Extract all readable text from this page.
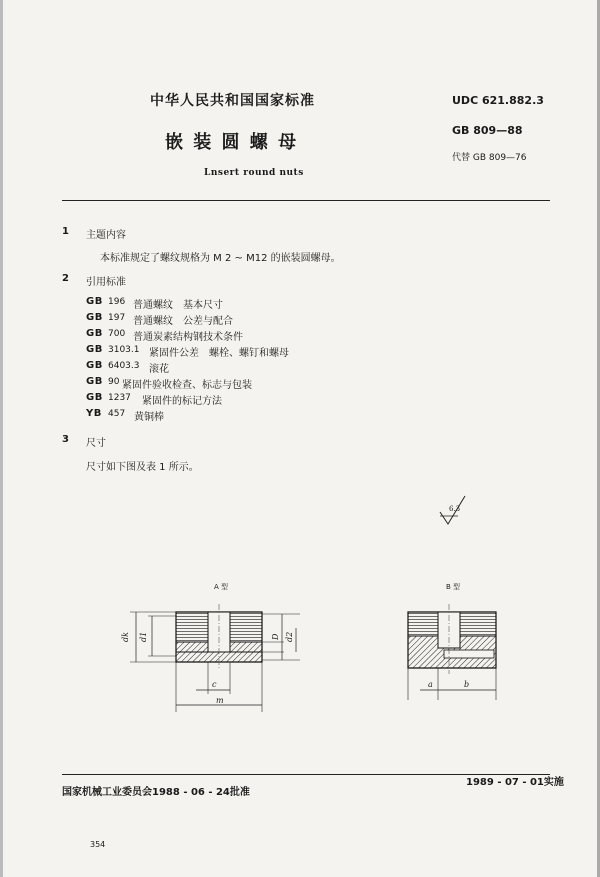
中华人民共和国国家标准
嵌 装 圆 螺 母
Lnsert round nuts
UDC 621.882.3
GB 809—88
代替 GB 809—76
1 主题内容
本标准规定了螺纹规格为 M 2 ~ M12 的嵌装圆螺母。
2 引用标准
GB 196 普通螺纹　基本尺寸
GB 197 普通螺纹　公差与配合
GB 700 普通炭素结构钢技术条件
GB 3103.1 紧固件公差　螺栓、螺钉和螺母
GB 6403.3 滚花
GB 90 紧固件验收检查、标志与包装
GB 1237	紧固件的标记方法
YB 457 黄铜棒
3 尺寸
尺寸如下图及表 1 所示。
6.3
A 型
dk d1	D d2
c
m
B 型
a	b
国家机械工业委员会1988 - 06 - 24批准
1989 - 07 - 01实施
354
